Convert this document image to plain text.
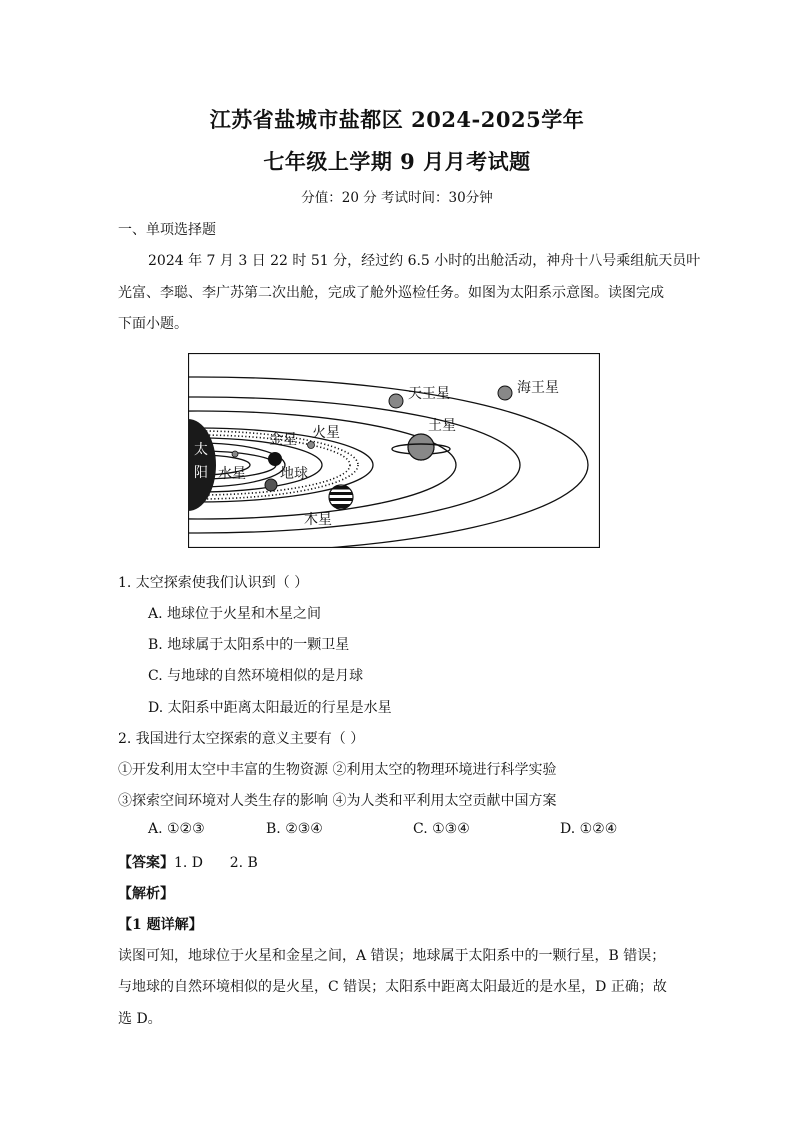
江苏省盐城市盐都区 2024-2025学年
七年级上学期 9 月月考试题
分值：20 分 考试时间：30分钟
一、单项选择题
2024 年 7 月 3 日 22 时 51 分，经过约 6.5 小时的出舱活动，神舟十八号乘组航天员叶
光富、李聪、李广苏第二次出舱，完成了舱外巡检任务。如图为太阳系示意图。读图完成
下面小题。
太
阳 水星
金星
地球
火星
木星
土星
天王星	海王星
1. 太空探索使我们认识到（ ）
A. 地球位于火星和木星之间
B. 地球属于太阳系中的一颗卫星
C. 与地球的自然环境相似的是月球
D. 太阳系中距离太阳最近的行星是水星
2. 我国进行太空探索的意义主要有（ ）
①开发利用太空中丰富的生物资源 ②利用太空的物理环境进行科学实验
③探索空间环境对人类生存的影响 ④为人类和平利用太空贡献中国方案
A. ①②③	B. ②③④	C. ①③④	D. ①②④
【答案】1. D      2. B
【解析】
【1 题详解】
读图可知，地球位于火星和金星之间，A 错误；地球属于太阳系中的一颗行星，B 错误；
与地球的自然环境相似的是火星，C 错误；太阳系中距离太阳最近的是水星，D 正确；故
选 D。
